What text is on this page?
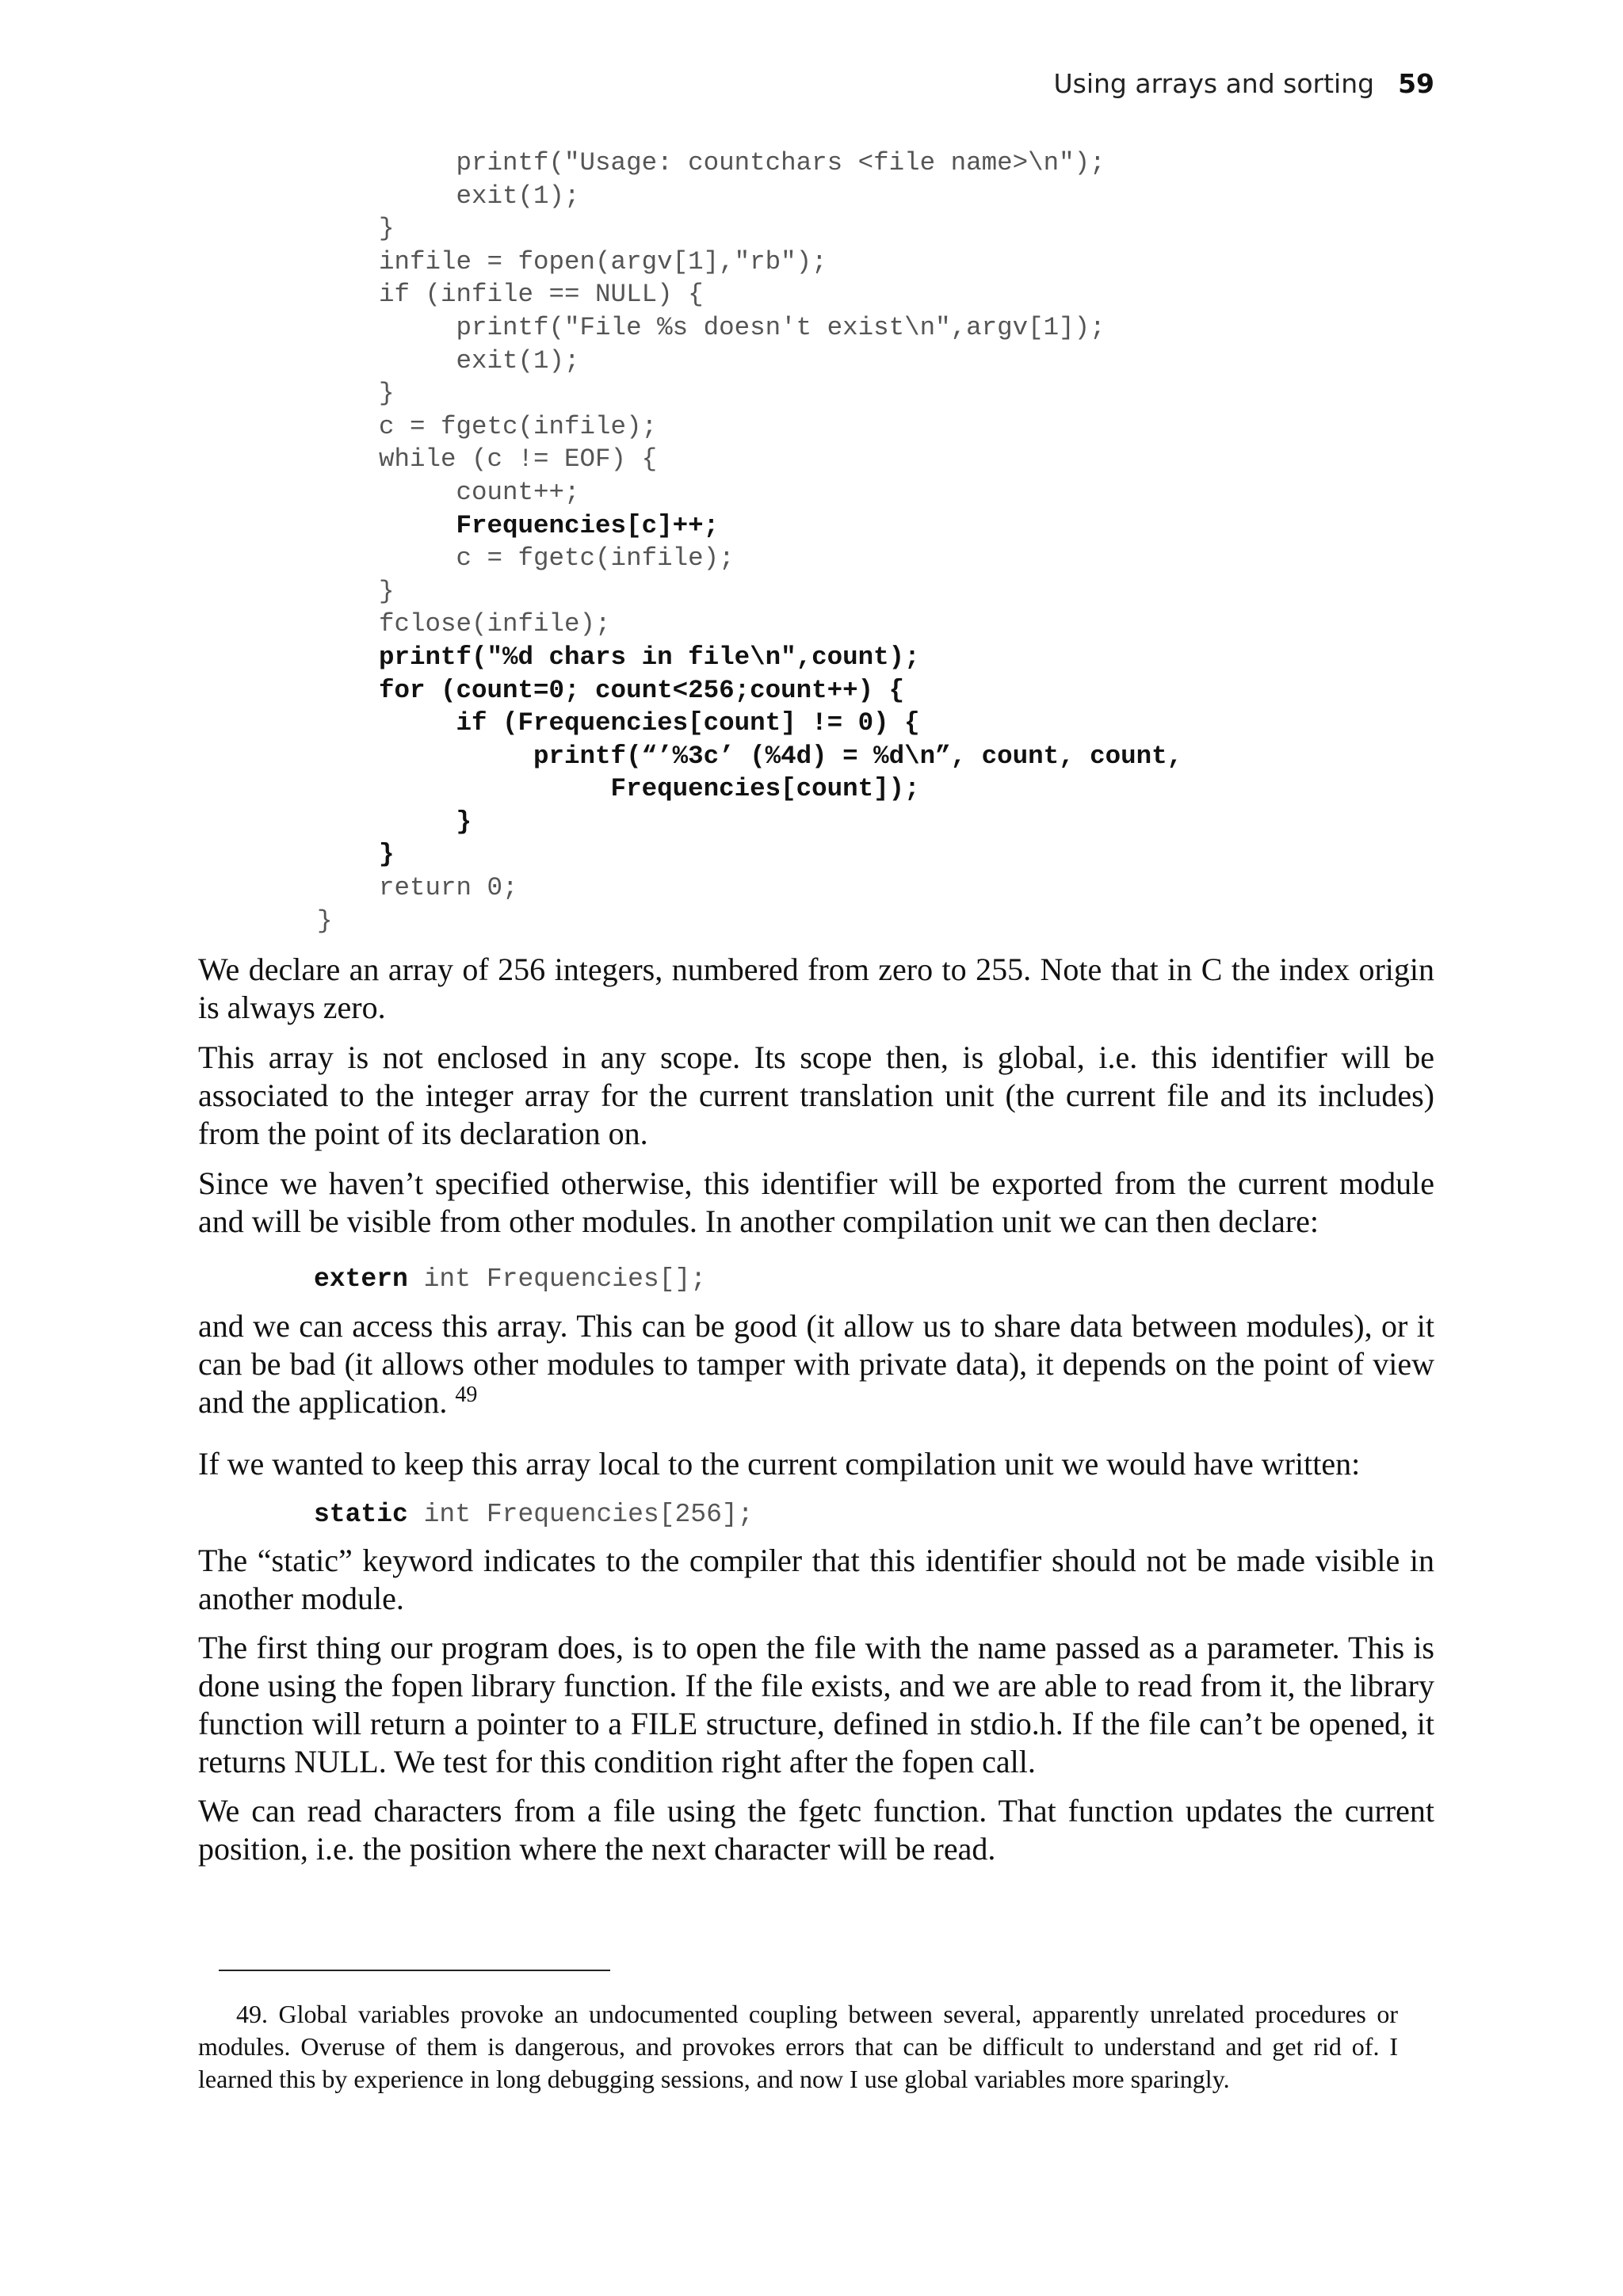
Using arrays and sorting 59
printf("Usage: countchars <file name>\n");
exit(1);
}
infile = fopen(argv[1],"rb");
if (infile == NULL) {
printf("File %s doesn't exist\n",argv[1]);
exit(1);
}
c = fgetc(infile);
while (c != EOF) {
count++;
Frequencies[c]++;
c = fgetc(infile);
}
fclose(infile);
printf("%d chars in file\n",count);
for (count=0; count<256;count++) {
if (Frequencies[count] != 0) {
printf(“’%3c’ (%4d) = %d\n”, count, count,
Frequencies[count]);
}
}
return 0;
}

We declare an array of 256 integers, numbered from zero to 255. Note that in C the index origin is always zero.

This array is not enclosed in any scope. Its scope then, is global, i.e. this identifier will be associated to the integer array for the current translation unit (the current file and its includes) from the point of its declaration on.

Since we haven’t specified otherwise, this identifier will be exported from the current module and will be visible from other modules. In another compilation unit we can then declare:

extern int Frequencies[];

and we can access this array. This can be good (it allow us to share data between modules), or it can be bad (it allows other modules to tamper with private data), it depends on the point of view and the application. $^{49}$

If we wanted to keep this array local to the current compilation unit we would have written:

static int Frequencies[256];

The “static” keyword indicates to the compiler that this identifier should not be made visible in another module.

The first thing our program does, is to open the file with the name passed as a parameter. This is done using the fopen library function. If the file exists, and we are able to read from it, the library function will return a pointer to a FILE structure, defined in stdio.h. If the file can’t be opened, it returns NULL. We test for this condition right after the fopen call.

We can read characters from a file using the fgetc function. That function updates the current position, i.e. the position where the next character will be read.

49. Global variables provoke an undocumented coupling between several, apparently unrelated procedures or modules. Overuse of them is dangerous, and provokes errors that can be difficult to understand and get rid of. I learned this by experience in long debugging sessions, and now I use global variables more sparingly.
